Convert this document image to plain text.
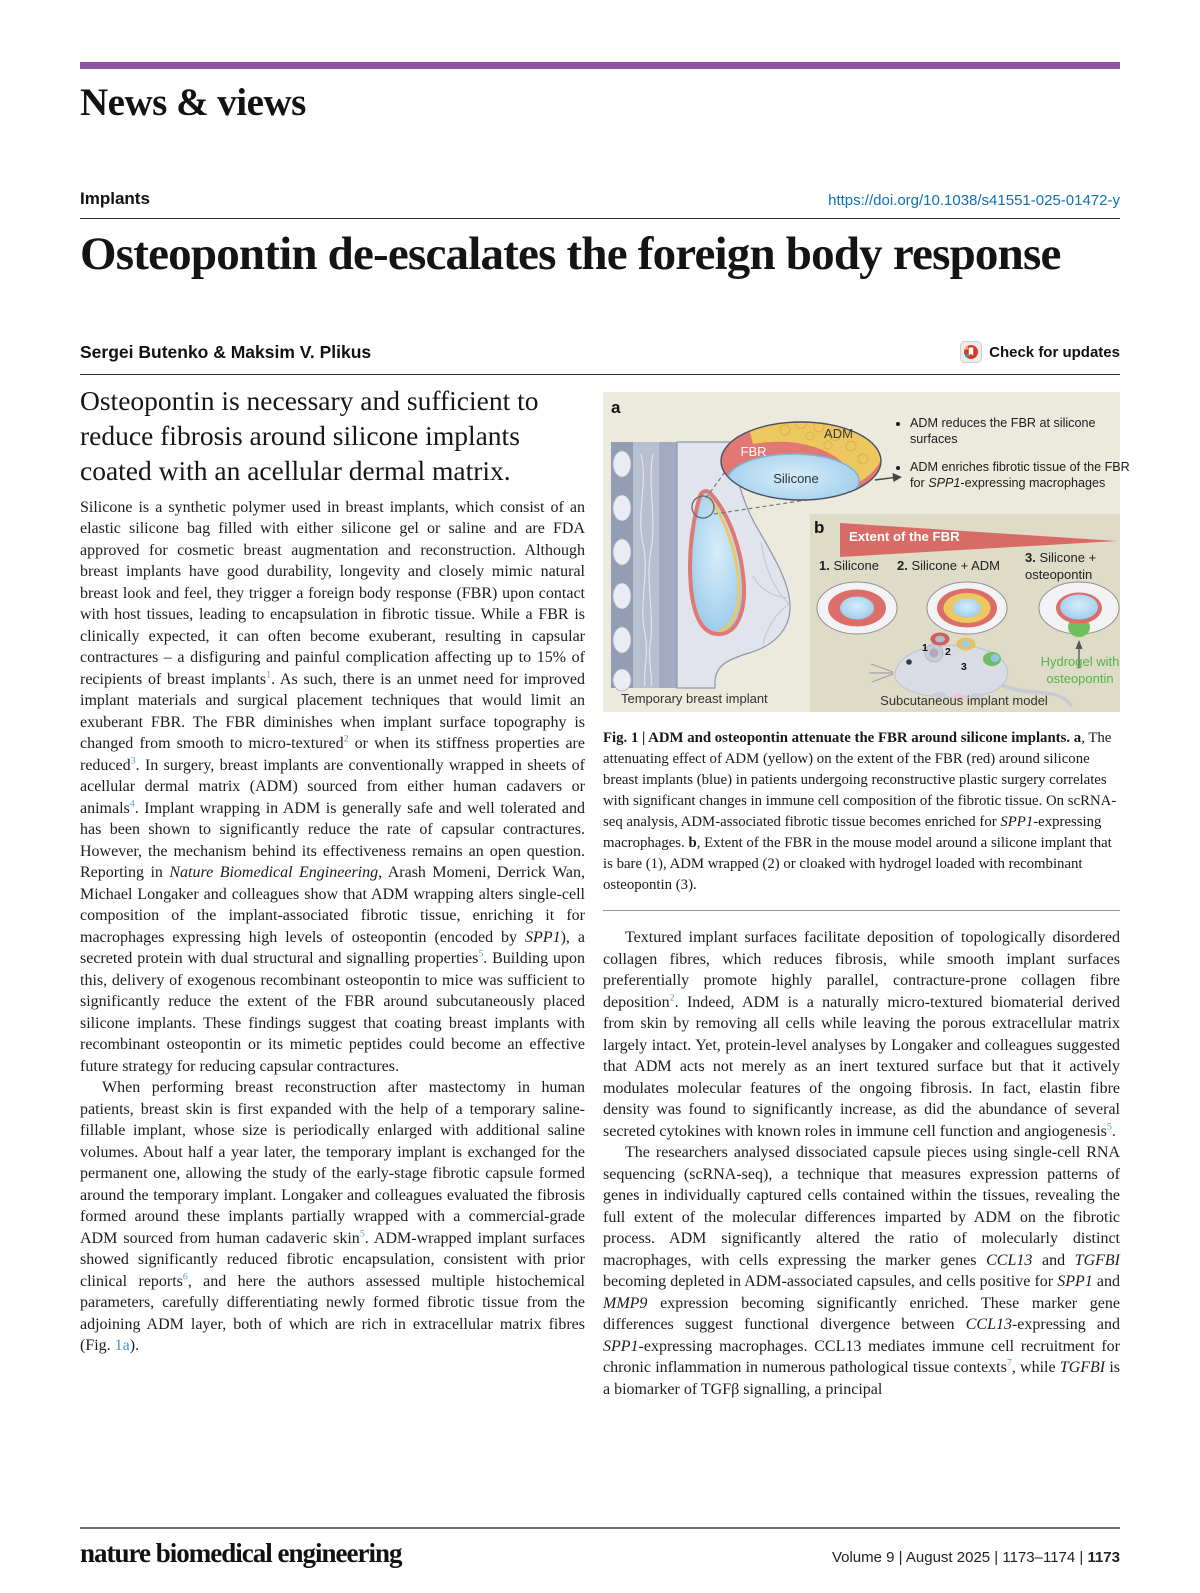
News & views
Implants	https://doi.org/10.1038/s41551-025-01472-y
Osteopontin de-escalates the foreign body response
Sergei Butenko & Maksim V. Plikus	Check for updates
Osteopontin is necessary and sufficient to reduce fibrosis around silicone implants coated with an acellular dermal matrix.

Silicone is a synthetic polymer used in breast implants, which consist of an elastic silicone bag filled with either silicone gel or saline and are FDA approved for cosmetic breast augmentation and reconstruction. Although breast implants have good durability, longevity and closely mimic natural breast look and feel, they trigger a foreign body response (FBR) upon contact with host tissues, leading to encapsulation in fibrotic tissue. While a FBR is clinically expected, it can often become exuberant, resulting in capsular contractures – a disfiguring and painful complication affecting up to 15% of recipients of breast implants$^1$. As such, there is an unmet need for improved implant materials and surgical placement techniques that would limit an exuberant FBR. The FBR diminishes when implant surface topography is changed from smooth to micro-textured$^2$ or when its stiffness properties are reduced$^3$. In surgery, breast implants are conventionally wrapped in sheets of acellular dermal matrix (ADM) sourced from either human cadavers or animals$^4$. Implant wrapping in ADM is generally safe and well tolerated and has been shown to significantly reduce the rate of capsular contractures. However, the mechanism behind its effectiveness remains an open question. Reporting in Nature Biomedical Engineering, Arash Momeni, Derrick Wan, Michael Longaker and colleagues show that ADM wrapping alters single-cell composition of the implant-associated fibrotic tissue, enriching it for macrophages expressing high levels of osteopontin (encoded by SPP1), a secreted protein with dual structural and signalling properties$^5$. Building upon this, delivery of exogenous recombinant osteopontin to mice was sufficient to significantly reduce the extent of the FBR around subcutaneously placed silicone implants. These findings suggest that coating breast implants with recombinant osteopontin or its mimetic peptides could become an effective future strategy for reducing capsular contractures.

When performing breast reconstruction after mastectomy in human patients, breast skin is first expanded with the help of a temporary saline-fillable implant, whose size is periodically enlarged with additional saline volumes. About half a year later, the temporary implant is exchanged for the permanent one, allowing the study of the early-stage fibrotic capsule formed around the temporary implant. Longaker and colleagues evaluated the fibrosis formed around these implants partially wrapped with a commercial-grade ADM sourced from human cadaveric skin$^5$. ADM-wrapped implant surfaces showed significantly reduced fibrotic encapsulation, consistent with prior clinical reports$^6$, and here the authors assessed multiple histochemical parameters, carefully differentiating newly formed fibrotic tissue from the adjoining ADM layer, both of which are rich in extracellular matrix fibres (Fig. 1a).

a
• ADM reduces the FBR at silicone surfaces
• ADM enriches fibrotic tissue of the FBR for SPP1-expressing macrophages
FBR
ADM
Silicone
b Extent of the FBR
1. Silicone 2. Silicone + ADM
3. Silicone + osteopontin
Hydrogel with osteopontin
1 2
3
Temporary breast implant	Subcutaneous implant model
Fig. 1 | ADM and osteopontin attenuate the FBR around silicone implants. a, The attenuating effect of ADM (yellow) on the extent of the FBR (red) around silicone breast implants (blue) in patients undergoing reconstructive plastic surgery correlates with significant changes in immune cell composition of the fibrotic tissue. On scRNA-seq analysis, ADM-associated fibrotic tissue becomes enriched for SPP1-expressing macrophages. b, Extent of the FBR in the mouse model around a silicone implant that is bare (1), ADM wrapped (2) or cloaked with hydrogel loaded with recombinant osteopontin (3).

Textured implant surfaces facilitate deposition of topologically disordered collagen fibres, which reduces fibrosis, while smooth implant surfaces preferentially promote highly parallel, contracture-prone collagen fibre deposition$^2$. Indeed, ADM is a naturally micro-textured biomaterial derived from skin by removing all cells while leaving the porous extracellular matrix largely intact. Yet, protein-level analyses by Longaker and colleagues suggested that ADM acts not merely as an inert textured surface but that it actively modulates molecular features of the ongoing fibrosis. In fact, elastin fibre density was found to significantly increase, as did the abundance of several secreted cytokines with known roles in immune cell function and angiogenesis$^5$.

The researchers analysed dissociated capsule pieces using single-cell RNA sequencing (scRNA-seq), a technique that measures expression patterns of genes in individually captured cells contained within the tissues, revealing the full extent of the molecular differences imparted by ADM on the fibrotic process. ADM significantly altered the ratio of molecularly distinct macrophages, with cells expressing the marker genes CCL13 and TGFBI becoming depleted in ADM-associated capsules, and cells positive for SPP1 and MMP9 expression becoming significantly enriched. These marker gene differences suggest functional divergence between CCL13-expressing and SPP1-expressing macrophages. CCL13 mediates immune cell recruitment for chronic inflammation in numerous pathological tissue contexts$^7$, while TGFBI is a biomarker of TGFβ signalling, a principal

nature biomedical engineering	Volume 9 | August 2025 | 1173–1174 | 1173
